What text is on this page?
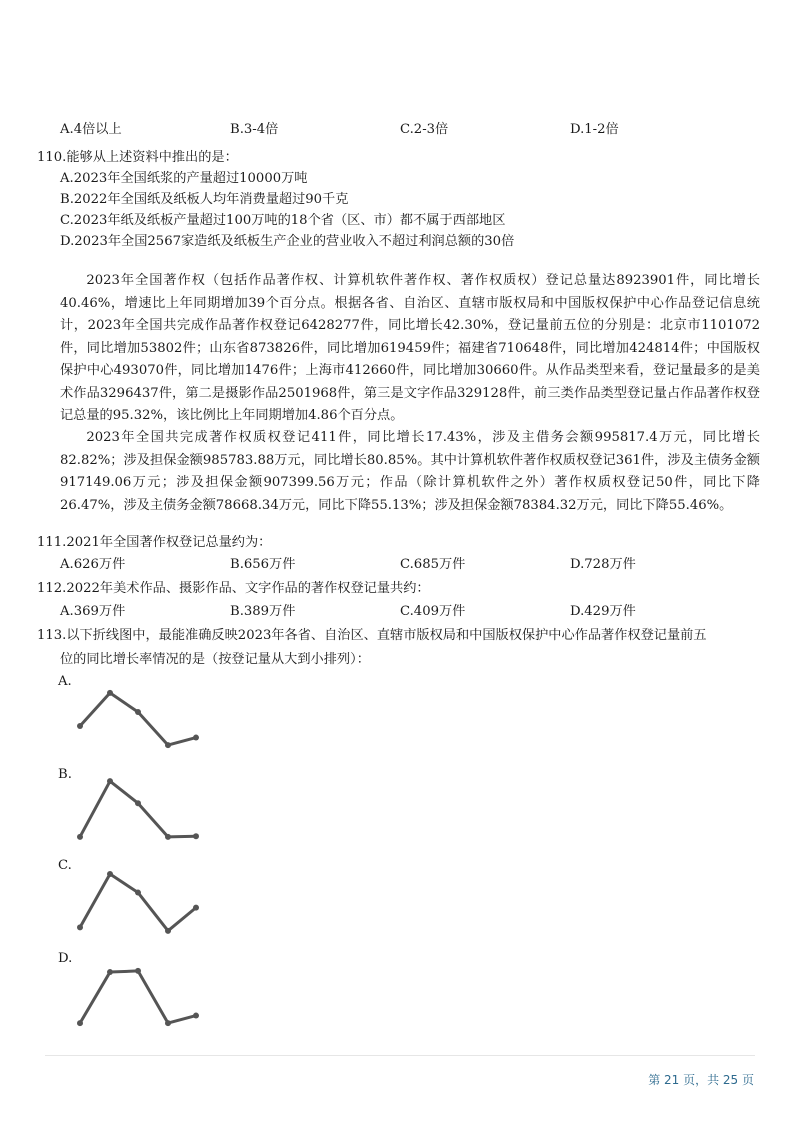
A.4倍以上	B.3-4倍	C.2-3倍	D.1-2倍
110.能够从上述资料中推出的是：
A.2023年全国纸浆的产量超过10000万吨
B.2022年全国纸及纸板人均年消费量超过90千克
C.2023年纸及纸板产量超过100万吨的18个省（区、市）都不属于西部地区
D.2023年全国2567家造纸及纸板生产企业的营业收入不超过利润总额的30倍
2023年全国著作权（包括作品著作权、计算机软件著作权、著作权质权）登记总量达8923901件，同比增长40.46%，增速比上年同期增加39个百分点。根据各省、自治区、直辖市版权局和中国版权保护中心作品登记信息统计，2023年全国共完成作品著作权登记6428277件，同比增长42.30%，登记量前五位的分别是：北京市1101072件，同比增加53802件；山东省873826件，同比增加619459件；福建省710648件，同比增加424814件；中国版权保护中心493070件，同比增加1476件；上海市412660件，同比增加30660件。从作品类型来看，登记量最多的是美术作品3296437件，第二是摄影作品2501968件，第三是文字作品329128件，前三类作品类型登记量占作品著作权登记总量的95.32%，该比例比上年同期增加4.86个百分点。
2023年全国共完成著作权质权登记411件，同比增长17.43%，涉及主借务会额995817.4万元，同比增长82.82%；涉及担保金额985783.88万元，同比增长80.85%。其中计算机软件著作权质权登记361件，涉及主债务金额917149.06万元；涉及担保金额907399.56万元；作品（除计算机软件之外）著作权质权登记50件，同比下降26.47%，涉及主债务金额78668.34万元，同比下降55.13%；涉及担保金额78384.32万元，同比下降55.46%。
111.2021年全国著作权登记总量约为：
A.626万件	B.656万件	C.685万件	D.728万件
112.2022年美术作品、摄影作品、文字作品的著作权登记量共约：
A.369万件	B.389万件	C.409万件	D.429万件
113.以下折线图中，最能准确反映2023年各省、自治区、直辖市版权局和中国版权保护中心作品著作权登记量前五
位的同比增长率情况的是（按登记量从大到小排列）：
A.
B.
C.
D.
第 21 页，共 25 页
